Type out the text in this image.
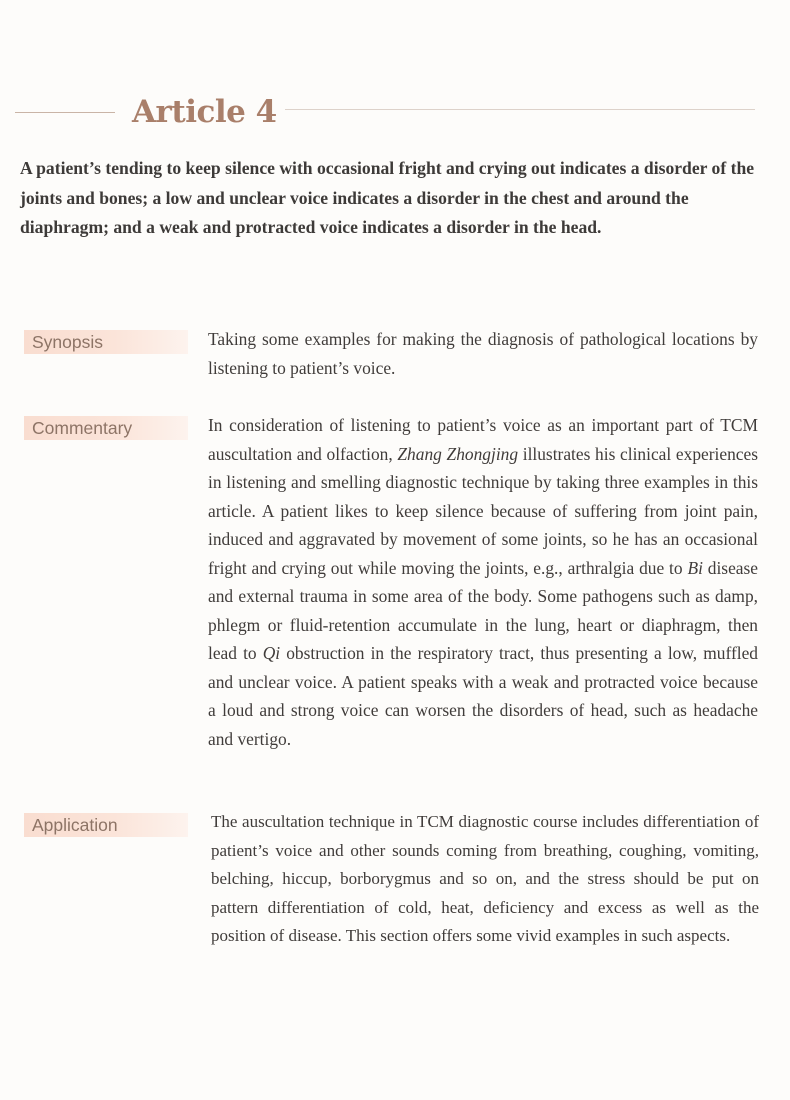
Article 4

A patient’s tending to keep silence with occasional fright and crying out indicates a disorder of the joints and bones; a low and unclear voice indicates a disorder in the chest and around the diaphragm; and a weak and protracted voice indicates a disorder in the head.

Synopsis	Taking some examples for making the diagnosis of pathological locations by listening to patient’s voice.

Commentary	In consideration of listening to patient’s voice as an important part of TCM auscultation and olfaction, Zhang Zhongjing illustrates his clinical experiences in listening and smelling diagnostic technique by taking three examples in this article. A patient likes to keep silence because of suffering from joint pain, induced and aggravated by movement of some joints, so he has an occasional fright and crying out while moving the joints, e.g., arthralgia due to Bi disease and external trauma in some area of the body. Some pathogens such as damp, phlegm or fluid-retention accumulate in the lung, heart or diaphragm, then lead to Qi obstruction in the respiratory tract, thus presenting a low, muffled and unclear voice. A patient speaks with a weak and protracted voice because a loud and strong voice can worsen the disorders of head, such as headache and vertigo.

Application	The auscultation technique in TCM diagnostic course includes differentiation of patient’s voice and other sounds coming from breathing, coughing, vomiting, belching, hiccup, borborygmus and so on, and the stress should be put on pattern differentiation of cold, heat, deficiency and excess as well as the position of disease. This section offers some vivid examples in such aspects.
